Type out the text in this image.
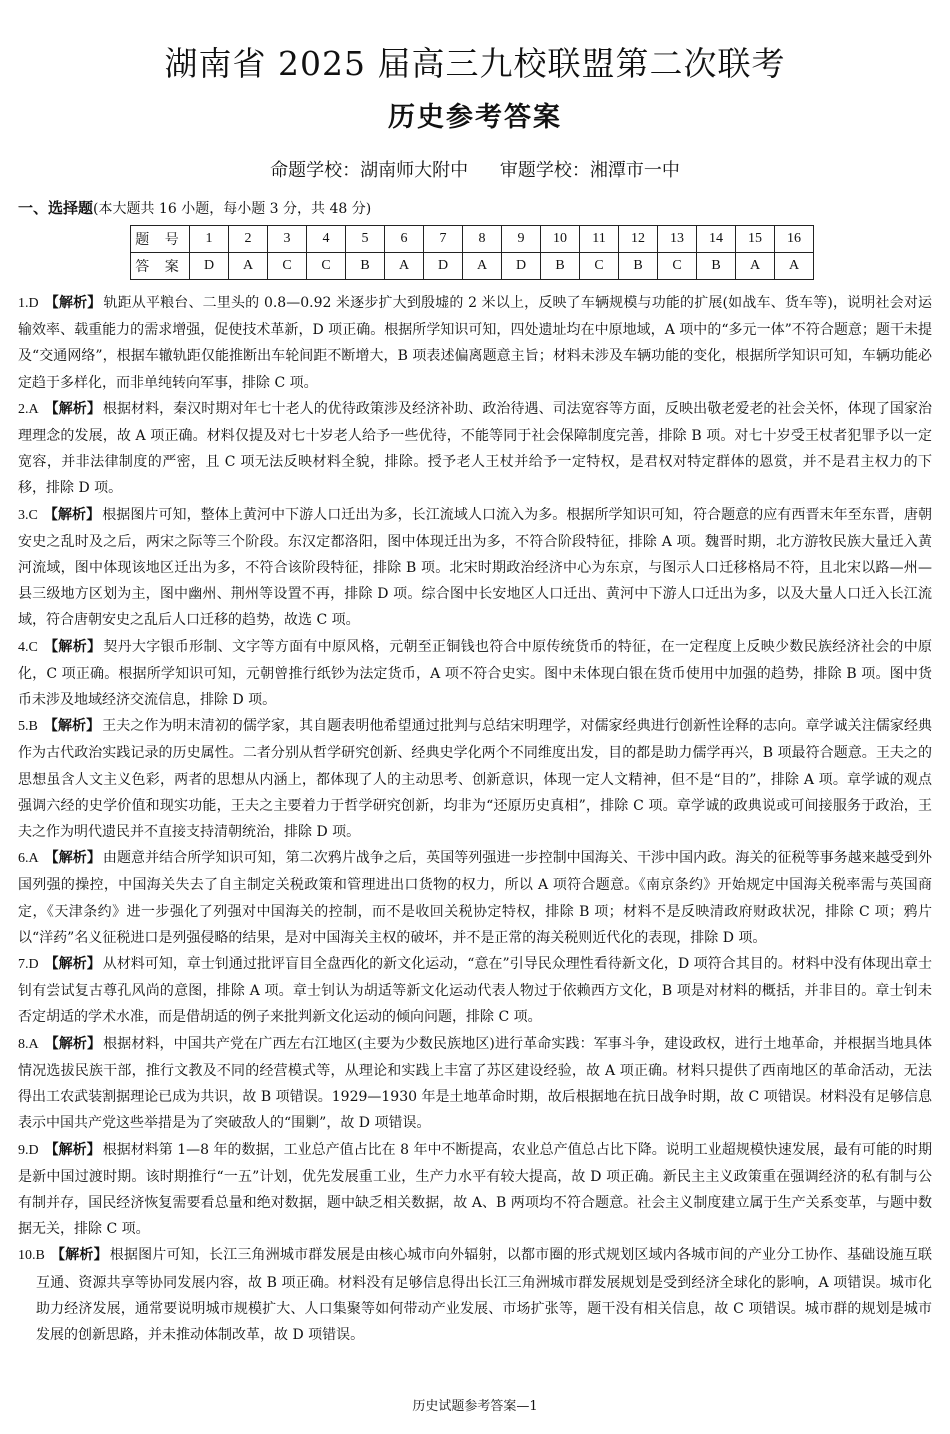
湖南省 2025 届高三九校联盟第二次联考
历史参考答案
命题学校：湖南师大附中 审题学校：湘潭市一中
一、选择题(本大题共 16 小题，每小题 3 分，共 48 分)
题 号	1	2	3	4	5	6	7	8	9	10	11	12	13	14	15	16
答 案	D	A	C	C	B	A	D	A	D	B	C	B	C	B	A	A

1.D 【解析】 轨距从平粮台、二里头的 0.8—0.92 米逐步扩大到殷墟的 2 米以上，反映了车辆规模与功能的扩展(如战车、货车等)，说明社会对运输效率、载重能力的需求增强，促使技术革新，D 项正确。根据所学知识可知，四处遗址均在中原地域，A 项中的“多元一体”不符合题意；题干未提及“交通网络”，根据车辙轨距仅能推断出车轮间距不断增大，B 项表述偏离题意主旨；材料未涉及车辆功能的变化，根据所学知识可知，车辆功能必定趋于多样化，而非单纯转向军事，排除 C 项。

2.A 【解析】 根据材料，秦汉时期对年七十老人的优待政策涉及经济补助、政治待遇、司法宽容等方面，反映出敬老爱老的社会关怀，体现了国家治理理念的发展，故 A 项正确。材料仅提及对七十岁老人给予一些优待，不能等同于社会保障制度完善，排除 B 项。对七十岁受王杖者犯罪予以一定宽容，并非法律制度的严密，且 C 项无法反映材料全貌，排除。授予老人王杖并给予一定特权，是君权对特定群体的恩赏，并不是君主权力的下移，排除 D 项。

3.C 【解析】 根据图片可知，整体上黄河中下游人口迁出为多，长江流域人口流入为多。根据所学知识可知，符合题意的应有西晋末年至东晋，唐朝安史之乱时及之后，两宋之际等三个阶段。东汉定都洛阳，图中体现迁出为多，不符合阶段特征，排除 A 项。魏晋时期，北方游牧民族大量迁入黄河流域，图中体现该地区迁出为多，不符合该阶段特征，排除 B 项。北宋时期政治经济中心为东京，与图示人口迁移格局不符，且北宋以路—州—县三级地方区划为主，图中幽州、荆州等设置不再，排除 D 项。综合图中长安地区人口迁出、黄河中下游人口迁出为多，以及大量人口迁入长江流域，符合唐朝安史之乱后人口迁移的趋势，故选 C 项。

4.C 【解析】 契丹大字银币形制、文字等方面有中原风格，元朝至正铜钱也符合中原传统货币的特征，在一定程度上反映少数民族经济社会的中原化，C 项正确。根据所学知识可知，元朝曾推行纸钞为法定货币，A 项不符合史实。图中未体现白银在货币使用中加强的趋势，排除 B 项。图中货币未涉及地域经济交流信息，排除 D 项。

5.B 【解析】 王夫之作为明末清初的儒学家，其自题表明他希望通过批判与总结宋明理学，对儒家经典进行创新性诠释的志向。章学诚关注儒家经典作为古代政治实践记录的历史属性。二者分别从哲学研究创新、经典史学化两个不同维度出发，目的都是助力儒学再兴，B 项最符合题意。王夫之的思想虽含人文主义色彩，两者的思想从内涵上，都体现了人的主动思考、创新意识，体现一定人文精神，但不是“目的”，排除 A 项。章学诚的观点强调六经的史学价值和现实功能，王夫之主要着力于哲学研究创新，均非为“还原历史真相”，排除 C 项。章学诚的政典说或可间接服务于政治，王夫之作为明代遗民并不直接支持清朝统治，排除 D 项。

6.A 【解析】 由题意并结合所学知识可知，第二次鸦片战争之后，英国等列强进一步控制中国海关、干涉中国内政。海关的征税等事务越来越受到外国列强的操控，中国海关失去了自主制定关税政策和管理进出口货物的权力，所以 A 项符合题意。《南京条约》开始规定中国海关税率需与英国商定，《天津条约》进一步强化了列强对中国海关的控制，而不是收回关税协定特权，排除 B 项；材料不是反映清政府财政状况，排除 C 项；鸦片以“洋药”名义征税进口是列强侵略的结果，是对中国海关主权的破坏，并不是正常的海关税则近代化的表现，排除 D 项。

7.D 【解析】 从材料可知，章士钊通过批评盲目全盘西化的新文化运动，“意在”引导民众理性看待新文化，D 项符合其目的。材料中没有体现出章士钊有尝试复古尊孔风尚的意图，排除 A 项。章士钊认为胡适等新文化运动代表人物过于依赖西方文化，B 项是对材料的概括，并非目的。章士钊未否定胡适的学术水准，而是借胡适的例子来批判新文化运动的倾向问题，排除 C 项。

8.A 【解析】 根据材料，中国共产党在广西左右江地区(主要为少数民族地区)进行革命实践：军事斗争，建设政权，进行土地革命，并根据当地具体情况选拔民族干部，推行文教及不同的经营模式等，从理论和实践上丰富了苏区建设经验，故 A 项正确。材料只提供了西南地区的革命活动，无法得出工农武装割据理论已成为共识，故 B 项错误。1929—1930 年是土地革命时期，故后根据地在抗日战争时期，故 C 项错误。材料没有足够信息表示中国共产党这些举措是为了突破敌人的“围剿”，故 D 项错误。

9.D 【解析】 根据材料第 1—8 年的数据，工业总产值占比在 8 年中不断提高，农业总产值总占比下降。说明工业超规模快速发展，最有可能的时期是新中国过渡时期。该时期推行“一五”计划，优先发展重工业，生产力水平有较大提高，故 D 项正确。新民主主义政策重在强调经济的私有制与公有制并存，国民经济恢复需要看总量和绝对数据，题中缺乏相关数据，故 A、B 两项均不符合题意。社会主义制度建立属于生产关系变革，与题中数据无关，排除 C 项。

10.B 【解析】 根据图片可知，长江三角洲城市群发展是由核心城市向外辐射，以都市圈的形式规划区域内各城市间的产业分工协作、基础设施互联互通、资源共享等协同发展内容，故 B 项正确。材料没有足够信息得出长江三角洲城市群发展规划是受到经济全球化的影响，A 项错误。城市化助力经济发展，通常要说明城市规模扩大、人口集聚等如何带动产业发展、市场扩张等，题干没有相关信息，故 C 项错误。城市群的规划是城市发展的创新思路，并未推动体制改革，故 D 项错误。

历史试题参考答案—1
